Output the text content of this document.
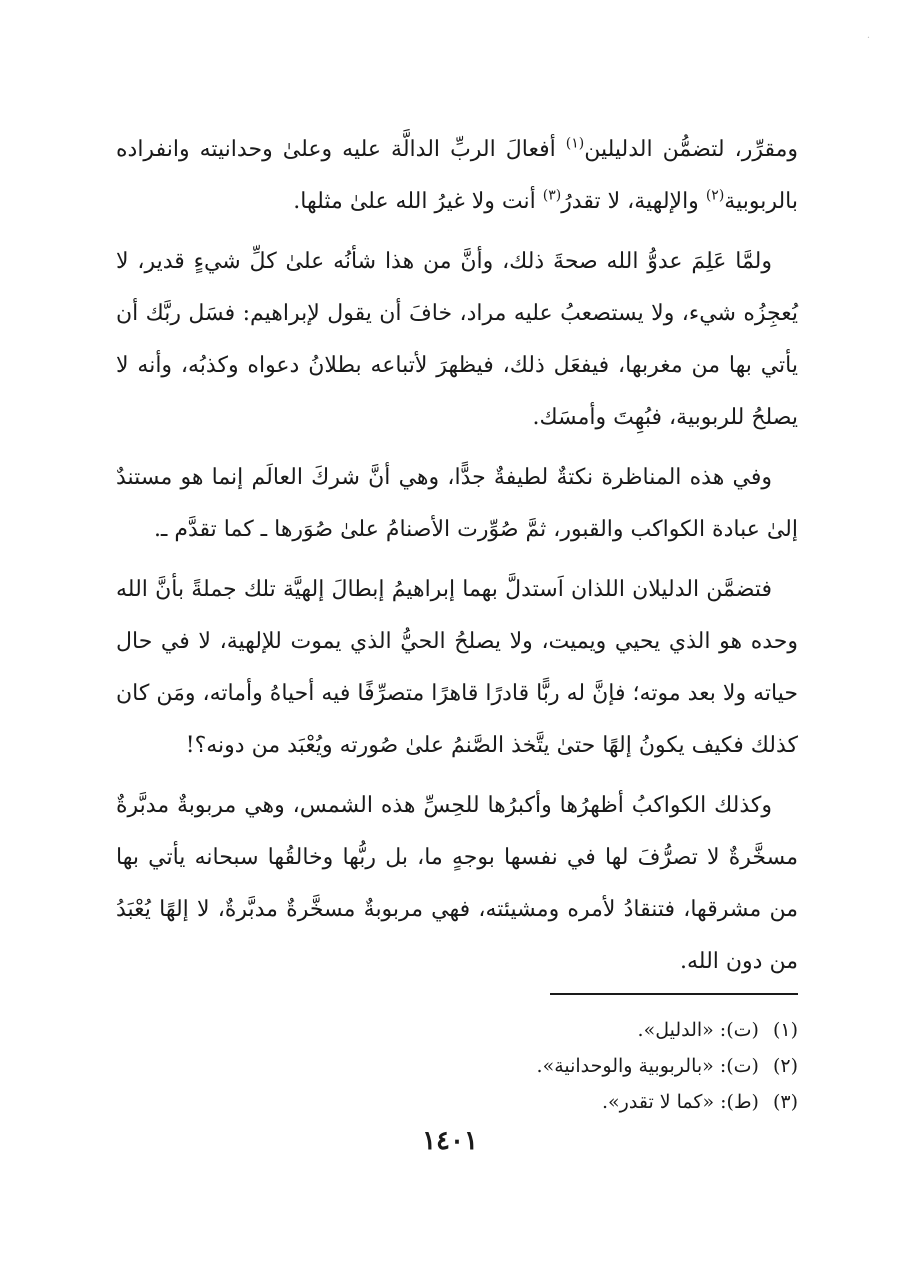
.

ومقرِّر، لتضمُّن الدليلين$^{(١)}$ أفعالَ الربِّ الدالَّة عليه وعلىٰ وحدانيته وانفراده بالربوبية$^{(٢)}$ والإلهية، لا تقدرُ$^{(٣)}$ أنت ولا غيرُ الله علىٰ مثلها.

ولمَّا عَلِمَ عدوُّ الله صحةَ ذلك، وأنَّ من هذا شأنُه علىٰ كلِّ شيءٍ قدير، لا يُعجِزُه شيء، ولا يستصعبُ عليه مراد، خافَ أن يقول لإبراهيم: فسَل ربَّك أن يأتي بها من مغربها، فيفعَل ذلك، فيظهرَ لأتباعه بطلانُ دعواه وكذبُه، وأنه لا يصلحُ للربوبية، فبُهِتَ وأمسَك.

وفي هذه المناظرة نكتةٌ لطيفةٌ جدًّا، وهي أنَّ شركَ العالَم إنما هو مستندٌ إلىٰ عبادة الكواكب والقبور، ثمَّ صُوِّرت الأصنامُ علىٰ صُوَرها ـ كما تقدَّم ـ.

فتضمَّن الدليلان اللذان اَستدلَّ بهما إبراهيمُ إبطالَ إلهيَّة تلك جملةً بأنَّ الله وحده هو الذي يحيي ويميت، ولا يصلحُ الحيُّ الذي يموت للإلهية، لا في حال حياته ولا بعد موته؛ فإنَّ له ربًّا قادرًا قاهرًا متصرِّفًا فيه أحياهُ وأماته، ومَن كان كذلك فكيف يكونُ إلهًا حتىٰ يتَّخذ الصَّنمُ علىٰ صُورته ويُعْبَد من دونه؟!

وكذلك الكواكبُ أظهرُها وأكبرُها للحِسِّ هذه الشمس، وهي مربوبةٌ مدبَّرةٌ مسخَّرةٌ لا تصرُّفَ لها في نفسها بوجهٍ ما، بل ربُّها وخالقُها سبحانه يأتي بها من مشرقها، فتنقادُ لأمره ومشيئته، فهي مربوبةٌ مسخَّرةٌ مدبَّرةٌ، لا إلهًا يُعْبَدُ من دون الله.

(١)(ت): «الدليل».
(٢)(ت): «بالربوبية والوحدانية».
(٣)(ط): «كما لا تقدر».
١٤٠١
